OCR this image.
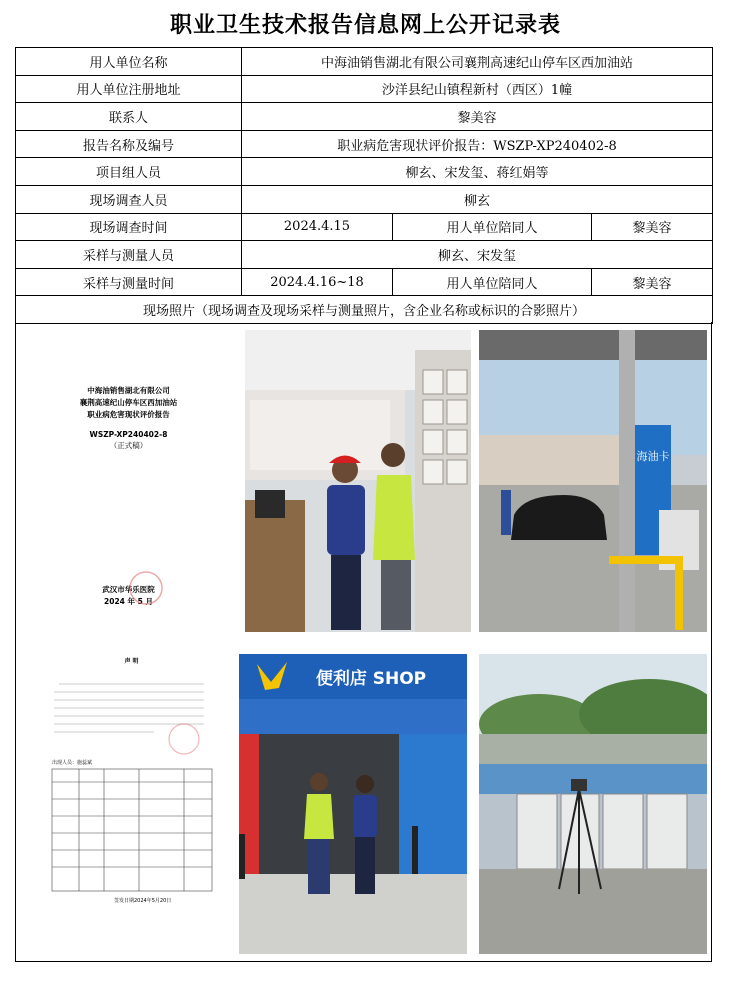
职业卫生技术报告信息网上公开记录表
用人单位名称	中海油销售湖北有限公司襄荆高速纪山停车区西加油站		
用人单位注册地址	沙洋县纪山镇程新村（西区）1幢		
联系人	黎美容		
报告名称及编号	职业病危害现状评价报告：WSZP-XP240402-8		
项目组人员	柳玄、宋发玺、蒋红娟等		
现场调查人员	柳玄		
现场调查时间	2024.4.15	用人单位陪同人	黎美容
采样与测量人员	柳玄、宋发玺		
采样与测量时间	2024.4.16~18	用人单位陪同人	黎美容
现场照片（现场调查及现场采样与测量照片，含企业名称或标识的合影照片）			
中海油销售湖北有限公司
襄荆高速纪山停车区西加油站
职业病危害现状评价报告
WSZP-XP240402-8
（正式稿）
武汉市华乐医院
2024 年 5 月
海油卡
声 明
出现人员：施蕊斌
签发日期2024年5月20日
便利店 SHOP
